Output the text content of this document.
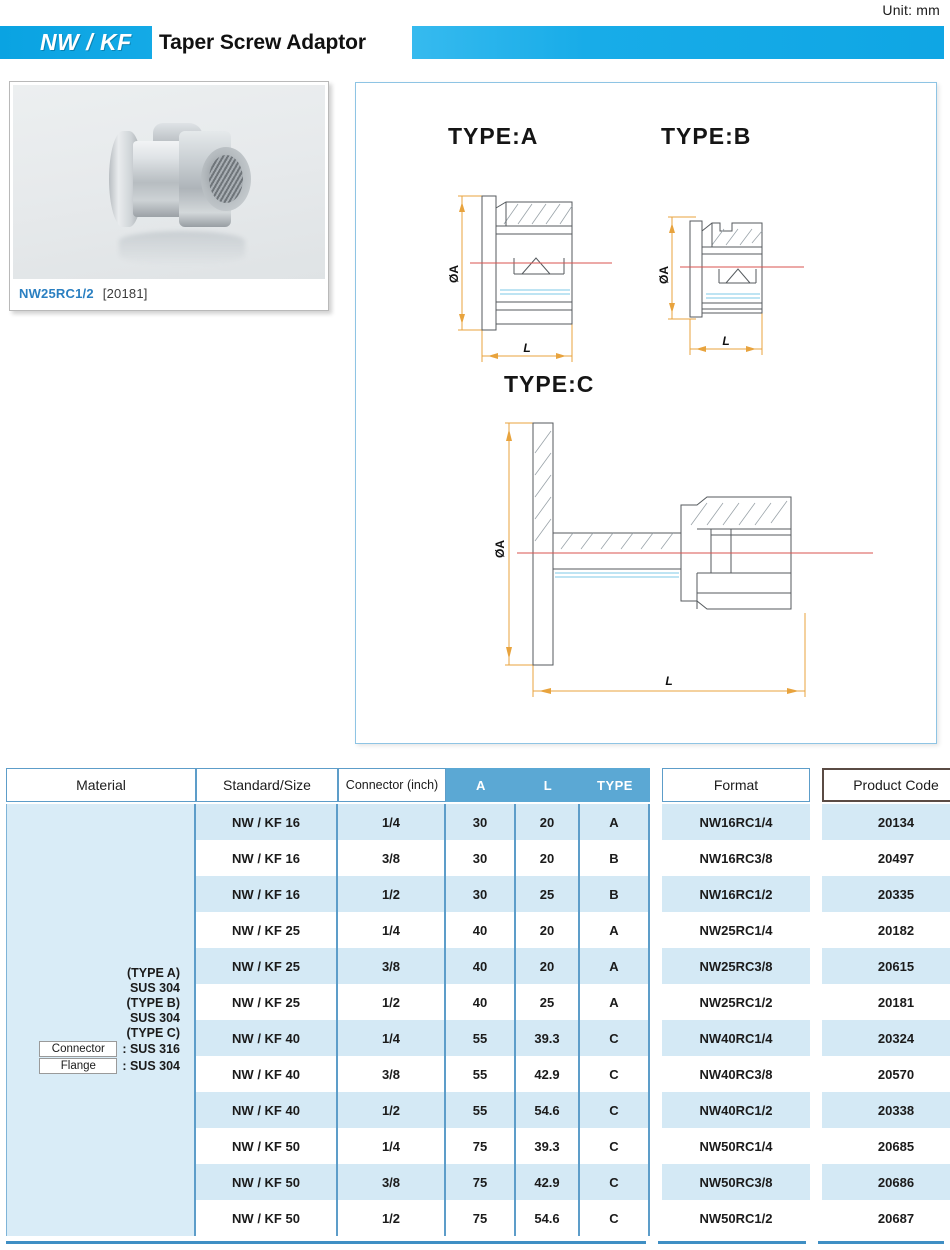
Unit: mm
NW / KF Taper Screw Adaptor
NW25RC1/2 [20181]
TYPE:A
ØA
L
TYPE:B
ØA
L
TYPE:C
ØA
L
Material	Standard/Size	Connector (inch)	A	L	TYPE		Format		Product Code

(TYPE A)
SUS 304
(TYPE B)
SUS 304
(TYPE C)
Connector	: SUS 316
Flange	: SUS 304

NW / KF 16	1/4	30	20	A		NW16RC1/4		20134

NW / KF 16	3/8	30	20	B		NW16RC3/8		20497

NW / KF 16	1/2	30	25	B		NW16RC1/2		20335

NW / KF 25	1/4	40	20	A		NW25RC1/4		20182

NW / KF 25	3/8	40	20	A		NW25RC3/8		20615

NW / KF 25	1/2	40	25	A		NW25RC1/2		20181

NW / KF 40	1/4	55	39.3	C		NW40RC1/4		20324

NW / KF 40	3/8	55	42.9	C		NW40RC3/8		20570

NW / KF 40	1/2	55	54.6	C		NW40RC1/2		20338

NW / KF 50	1/4	75	39.3	C		NW50RC1/4		20685

NW / KF 50	3/8	75	42.9	C		NW50RC3/8		20686

NW / KF 50	1/2	75	54.6	C		NW50RC1/2		20687
